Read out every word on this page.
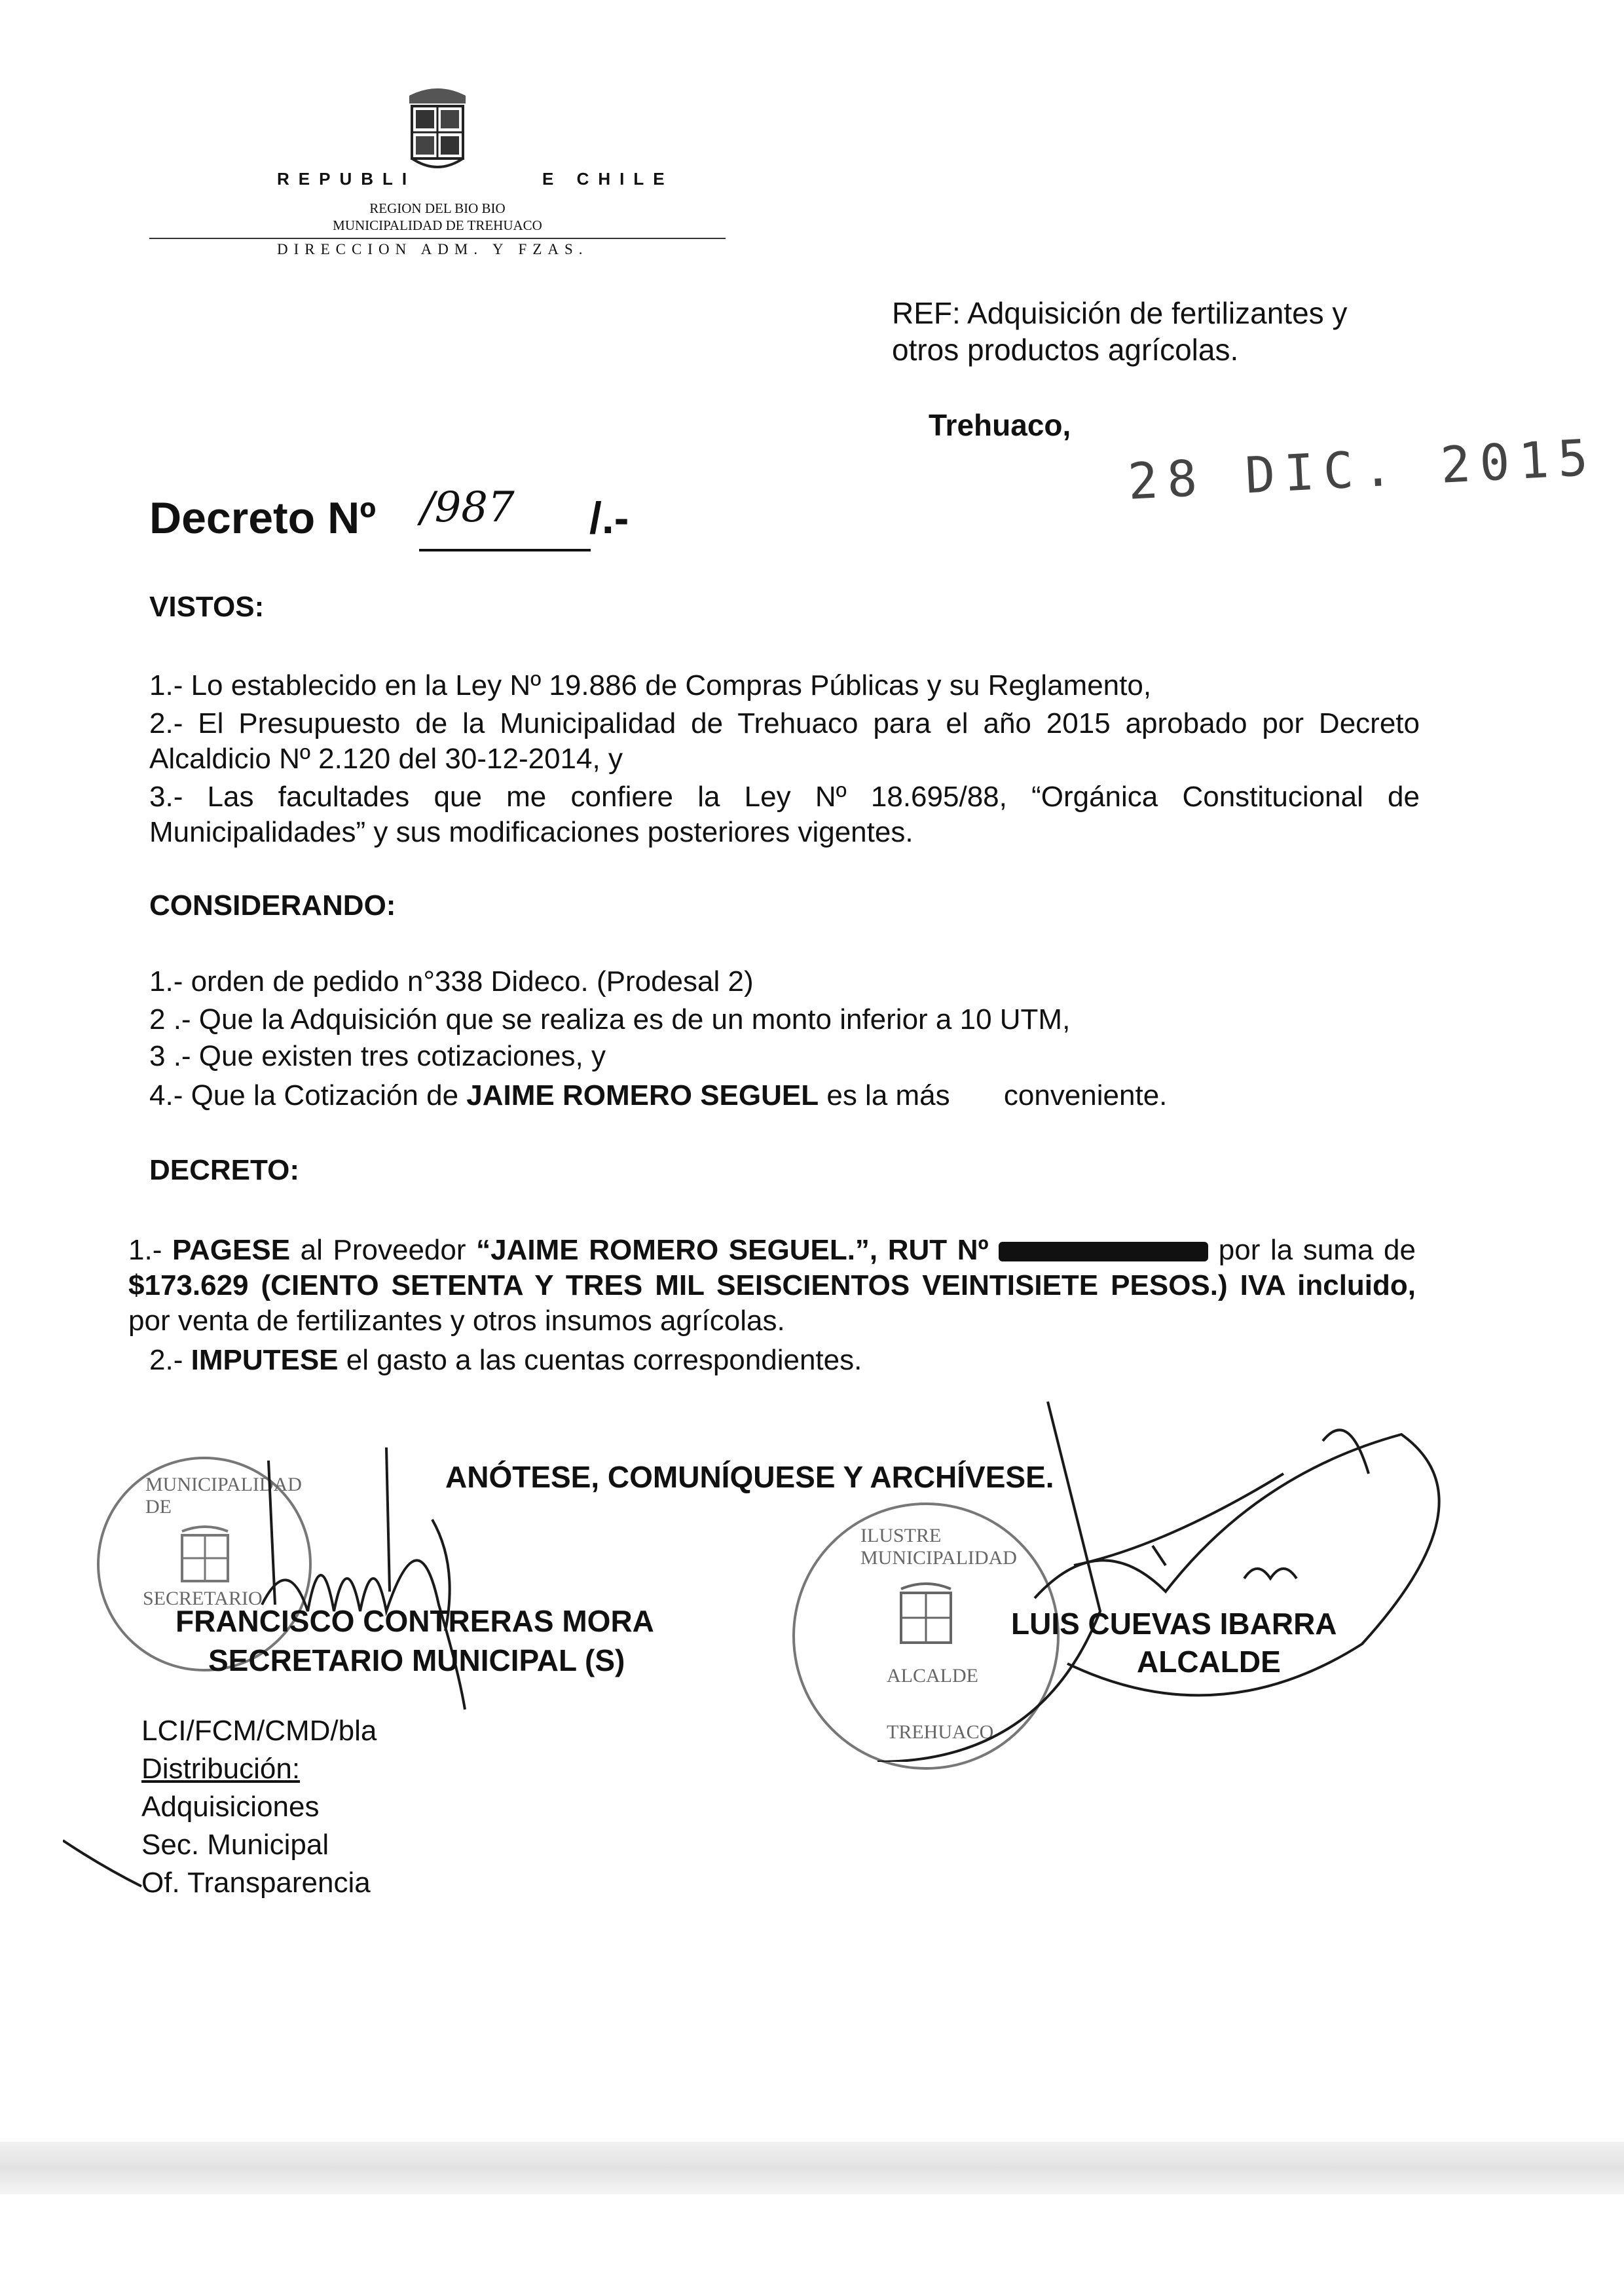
REPUBLI	E CHILE
REGION DEL BIO BIO
MUNICIPALIDAD DE TREHUACO
DIRECCION ADM. Y FZAS.
REF: Adquisición de fertilizantes y
otros productos agrícolas.
Trehuaco,
28 DIC. 2015
Decreto Nº /987 /.-
VISTOS:
1.- Lo establecido en la Ley Nº 19.886 de Compras Públicas y su Reglamento,
2.- El Presupuesto de la Municipalidad de Trehuaco para el año 2015 aprobado por Decreto Alcaldicio Nº 2.120 del 30-12-2014, y
3.- Las facultades que me confiere la Ley Nº 18.695/88, “Orgánica Constitucional de Municipalidades” y sus modificaciones posteriores vigentes.
CONSIDERANDO:
1.- orden de pedido n°338 Dideco. (Prodesal 2)
2 .- Que la Adquisición que se realiza es de un monto inferior a 10 UTM,
3 .- Que existen tres cotizaciones, y
4.- Que la Cotización de JAIME ROMERO SEGUEL es la más conveniente.
DECRETO:
1.- PAGESE al Proveedor “JAIME ROMERO SEGUEL.”, RUT Nº	por la suma de $173.629 (CIENTO SETENTA Y TRES MIL SEISCIENTOS VEINTISIETE PESOS.) IVA incluido, por venta de fertilizantes y otros insumos agrícolas.
2.- IMPUTESE el gasto a las cuentas correspondientes.
ANÓTESE, COMUNÍQUESE Y ARCHÍVESE.
MUNICIPALIDAD DE
SECRETARIO
FRANCISCO CONTRERAS MORA
SECRETARIO MUNICIPAL (S)
ILUSTRE MUNICIPALIDAD
ALCALDE
TREHUACO
LUIS CUEVAS IBARRA
ALCALDE
LCI/FCM/CMD/bla
Distribución:
Adquisiciones
Sec. Municipal
Of. Transparencia
